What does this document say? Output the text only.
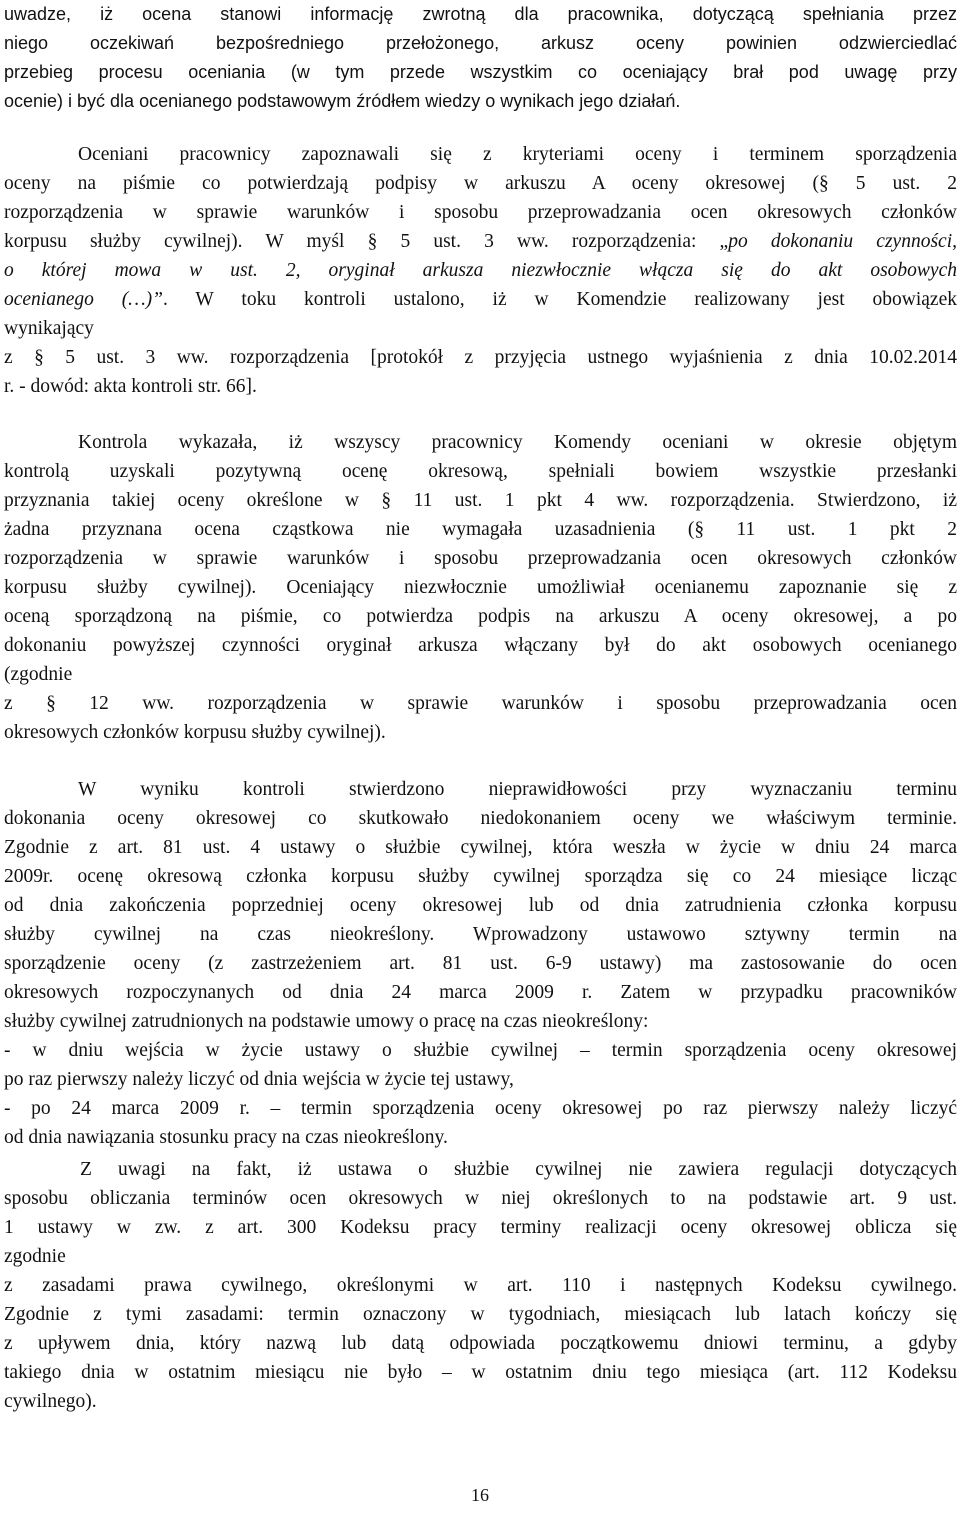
uwadze, iż ocena stanowi informację zwrotną dla pracownika, dotyczącą spełniania przez

niego oczekiwań bezpośredniego przełożonego, arkusz oceny powinien odzwierciedlać

przebieg procesu oceniania (w tym przede wszystkim co oceniający brał pod uwagę przy

ocenie) i być dla ocenianego podstawowym źródłem wiedzy o wynikach jego działań.

Oceniani pracownicy zapoznawali się z kryteriami oceny i terminem sporządzenia

oceny na piśmie co potwierdzają podpisy w arkuszu A oceny okresowej (§ 5 ust. 2

rozporządzenia w sprawie warunków i sposobu przeprowadzania ocen okresowych członków

korpusu służby cywilnej). W myśl § 5 ust. 3 ww. rozporządzenia: „po dokonaniu czynności,

o której mowa w ust. 2, oryginał arkusza niezwłocznie włącza się do akt osobowych

ocenianego (…)”. W toku kontroli ustalono, iż w Komendzie realizowany jest obowiązek

wynikający

z § 5 ust. 3 ww. rozporządzenia [protokół z przyjęcia ustnego wyjaśnienia z dnia 10.02.2014

r. - dowód: akta kontroli str. 66].

Kontrola wykazała, iż wszyscy pracownicy Komendy oceniani w okresie objętym

kontrolą uzyskali pozytywną ocenę okresową, spełniali bowiem wszystkie przesłanki

przyznania takiej oceny określone w § 11 ust. 1 pkt 4 ww. rozporządzenia. Stwierdzono, iż

żadna przyznana ocena cząstkowa nie wymagała uzasadnienia (§ 11 ust. 1 pkt 2

rozporządzenia w sprawie warunków i sposobu przeprowadzania ocen okresowych członków

korpusu służby cywilnej). Oceniający niezwłocznie umożliwiał ocenianemu zapoznanie się z

oceną sporządzoną na piśmie, co potwierdza podpis na arkuszu A oceny okresowej, a po

dokonaniu powyższej czynności oryginał arkusza włączany był do akt osobowych ocenianego

(zgodnie

z § 12 ww. rozporządzenia w sprawie warunków i sposobu przeprowadzania ocen

okresowych członków korpusu służby cywilnej).

W wyniku kontroli stwierdzono nieprawidłowości przy wyznaczaniu terminu

dokonania oceny okresowej co skutkowało niedokonaniem oceny we właściwym terminie.

Zgodnie z art. 81 ust. 4 ustawy o służbie cywilnej, która weszła w życie w dniu 24 marca

2009r. ocenę okresową członka korpusu służby cywilnej sporządza się co 24 miesiące licząc

od dnia zakończenia poprzedniej oceny okresowej lub od dnia zatrudnienia członka korpusu

służby cywilnej na czas nieokreślony. Wprowadzony ustawowo sztywny termin na

sporządzenie oceny (z zastrzeżeniem art. 81 ust. 6-9 ustawy) ma zastosowanie do ocen

okresowych rozpoczynanych od dnia 24 marca 2009 r. Zatem w przypadku pracowników

służby cywilnej zatrudnionych na podstawie umowy o pracę na czas nieokreślony:

- w dniu wejścia w życie ustawy o służbie cywilnej – termin sporządzenia oceny okresowej

po raz pierwszy należy liczyć od dnia wejścia w życie tej ustawy,

- po 24 marca 2009 r. – termin sporządzenia oceny okresowej po raz pierwszy należy liczyć

od dnia nawiązania stosunku pracy na czas nieokreślony.

Z uwagi na fakt, iż ustawa o służbie cywilnej nie zawiera regulacji dotyczących

sposobu obliczania terminów ocen okresowych w niej określonych to na podstawie art. 9 ust.

1 ustawy w zw. z art. 300 Kodeksu pracy terminy realizacji oceny okresowej oblicza się

zgodnie

z zasadami prawa cywilnego, określonymi w art. 110 i następnych Kodeksu cywilnego.

Zgodnie z tymi zasadami: termin oznaczony w tygodniach, miesiącach lub latach kończy się

z upływem dnia, który nazwą lub datą odpowiada początkowemu dniowi terminu, a gdyby

takiego dnia w ostatnim miesiącu nie było – w ostatnim dniu tego miesiąca (art. 112 Kodeksu

cywilnego).

16
